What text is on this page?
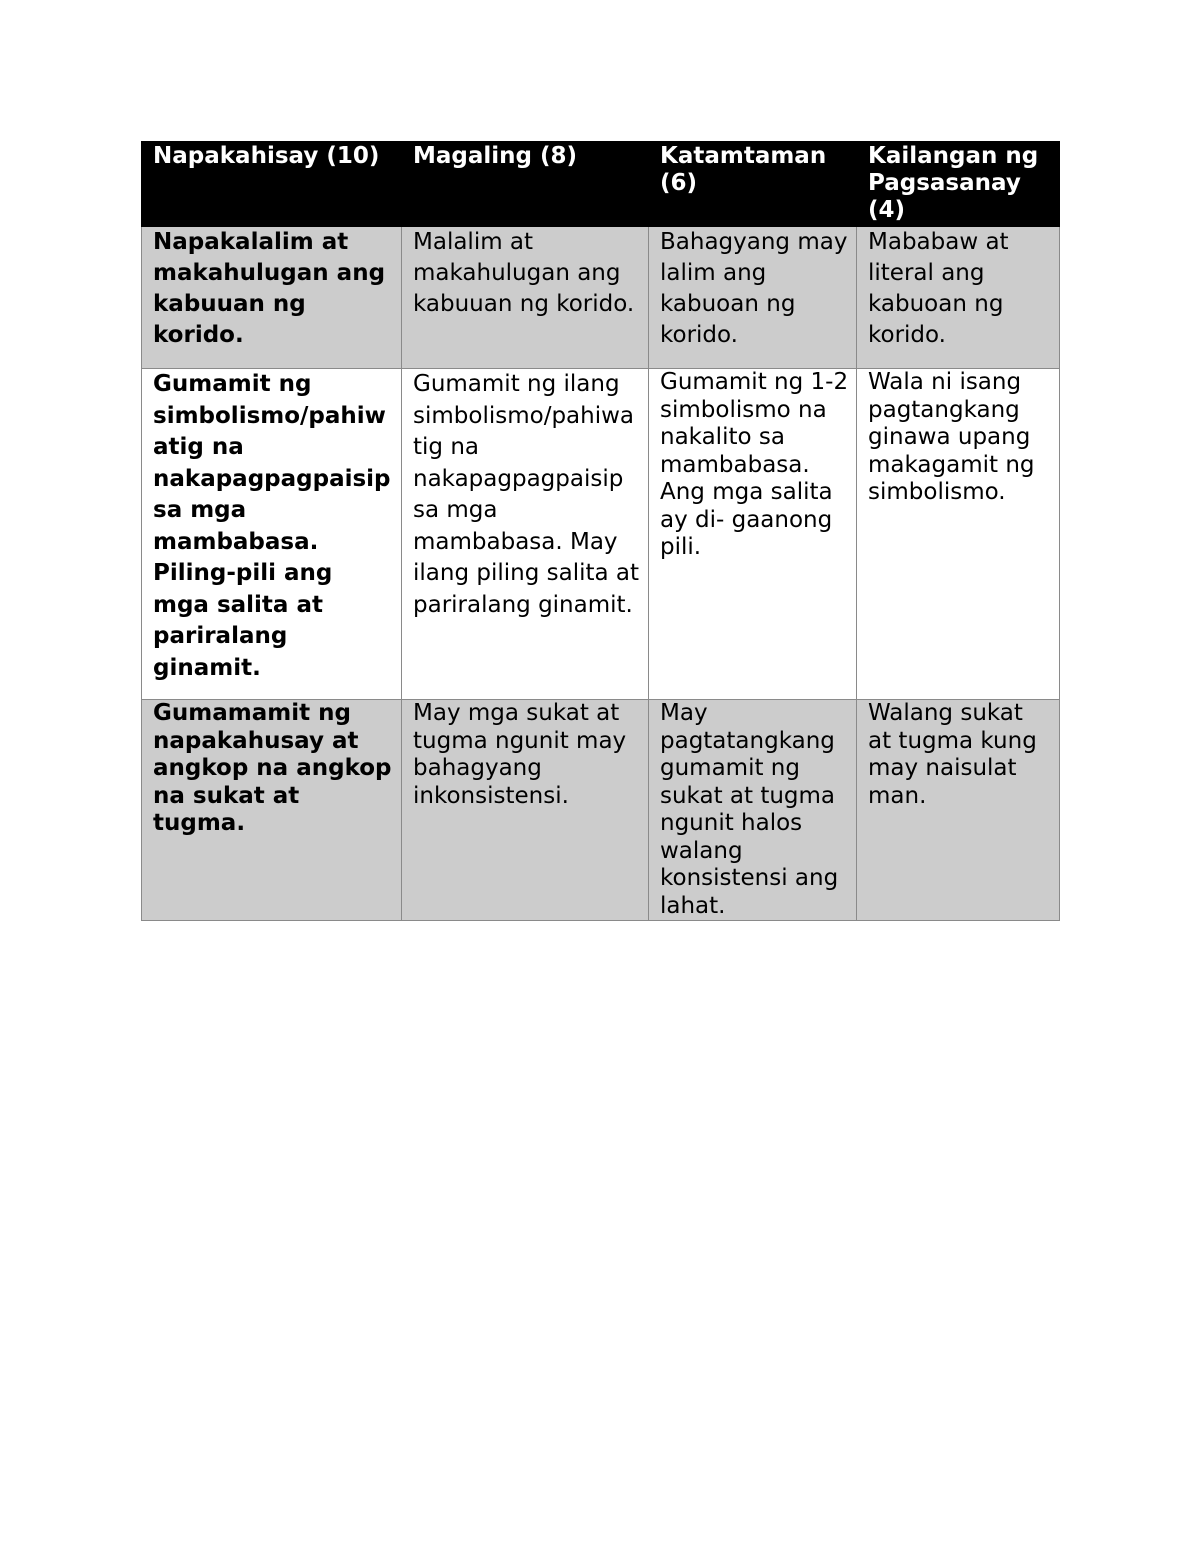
Napakahisay (10)	Magaling (8)	Katamtaman (6)	Kailangan ng Pagsasanay (4)
Napakalalim at makahulugan ang kabuuan ng korido.	Malalim at makahulugan ang kabuuan ng korido.	Bahagyang may lalim ang kabuoan ng korido.	Mababaw at literal ang kabuoan ng korido.
Gumamit ng simbolismo/pahiwatig na nakapagpagpaisip sa mga mambabasa. Piling-pili ang mga salita at pariralang ginamit.	Gumamit ng ilang simbolismo/pahiwatig na nakapagpagpaisip sa mga mambabasa. May ilang piling salita at pariralang ginamit.	Gumamit ng 1-2 simbolismo na nakalito sa mambabasa. Ang mga salita ay di- gaanong pili.	Wala ni isang pagtangkang ginawa upang makagamit ng simbolismo.
Gumamamit ng napakahusay at angkop na angkop na sukat at tugma.	May mga sukat at tugma ngunit may bahagyang inkonsistensi.	May pagtatangkang gumamit ng sukat at tugma ngunit halos walang konsistensi ang lahat.	Walang sukat at tugma kung may naisulat man.
